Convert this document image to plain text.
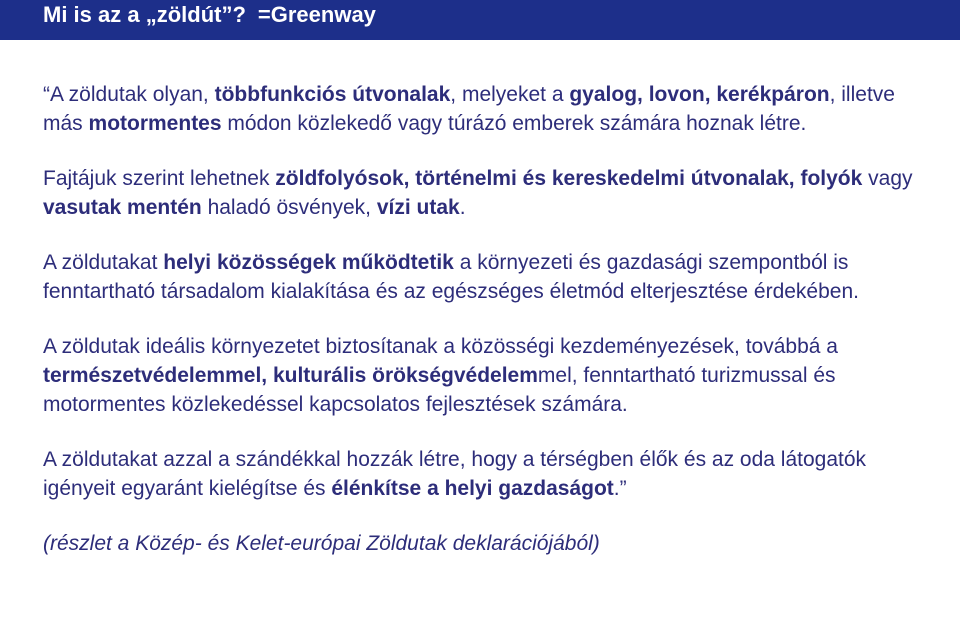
Mi is az a „zöldút”? =Greenway

“A zöldutak olyan, többfunkciós útvonalak, melyeket a gyalog, lovon, kerékpáron, illetve más motormentes módon közlekedő vagy túrázó emberek számára hoznak létre.

Fajtájuk szerint lehetnek zöldfolyósok, történelmi és kereskedelmi útvonalak, folyók vagy vasutak mentén haladó ösvények, vízi utak.

A zöldutakat helyi közösségek működtetik a környezeti és gazdasági szempontból is fenntartható társadalom kialakítása és az egészséges életmód elterjesztése érdekében.

A zöldutak ideális környezetet biztosítanak a közösségi kezdeményezések, továbbá a természetvédelemmel, kulturális örökségvédelemmel, fenntartható turizmussal és motormentes közlekedéssel kapcsolatos fejlesztések számára.

A zöldutakat azzal a szándékkal hozzák létre, hogy a térségben élők és az oda látogatók igényeit egyaránt kielégítse és élénkítse a helyi gazdaságot.”

(részlet a Közép- és Kelet-európai Zöldutak deklarációjából)
